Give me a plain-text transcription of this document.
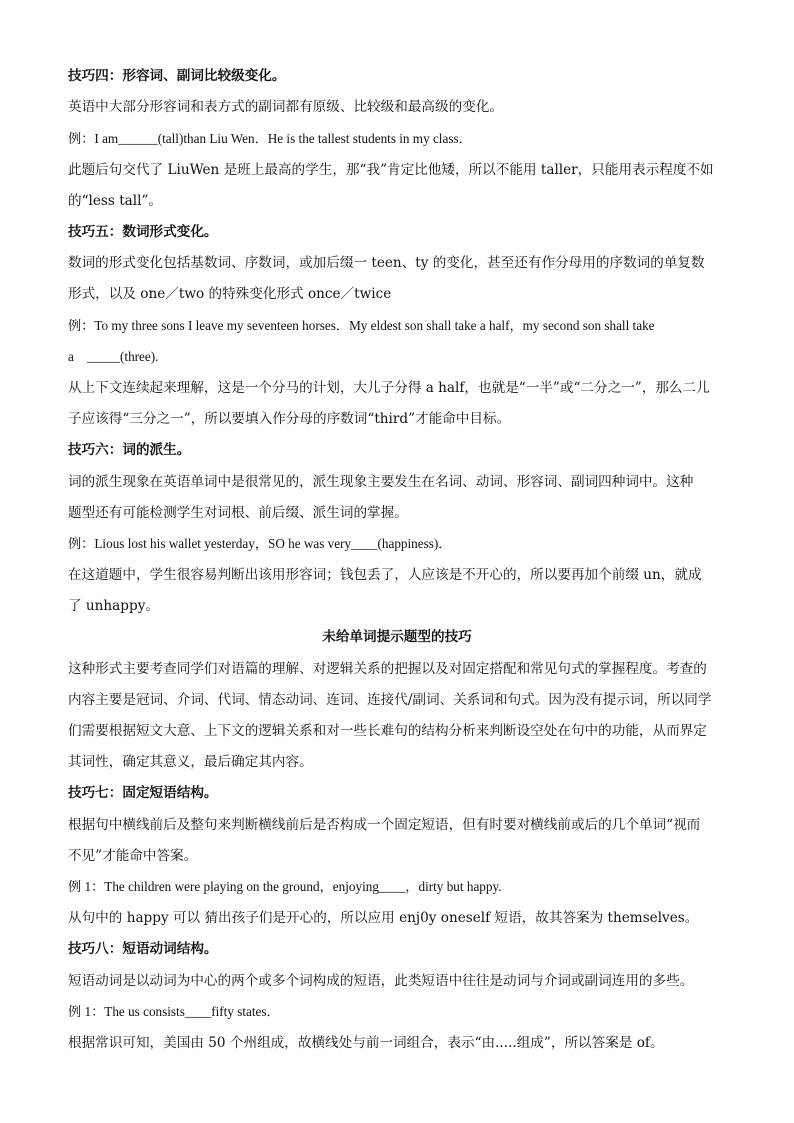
技巧四：形容词、副词比较级变化。
英语中大部分形容词和表方式的副词都有原级、比较级和最高级的变化。
例：I am______(tall)than Liu Wen．He is the tallest students in my class．
此题后句交代了 LiuWen 是班上最高的学生，那“我”肯定比他矮，所以不能用 taller，只能用表示程度不如
的“less tall”。
技巧五：数词形式变化。
数词的形式变化包括基数词、序数词，或加后缀一 teen、ty 的变化，甚至还有作分母用的序数词的单复数
形式，以及 one／two 的特殊变化形式 once／twice
例：To my three sons I leave my seventeen horses．My eldest son shall take a half，my second son shall take
a　_____(three).
从上下文连续起来理解，这是一个分马的计划，大儿子分得 a half，也就是“一半”或“二分之一”，那么二儿
子应该得“三分之一”，所以要填入作分母的序数词“third”才能命中目标。
技巧六：词的派生。
词的派生现象在英语单词中是很常见的，派生现象主要发生在名词、动词、形容词、副词四种词中。这种
题型还有可能检测学生对词根、前后缀、派生词的掌握。
例：Lious lost his wallet yesterday，SO he was very____(happiness)．
在这道题中，学生很容易判断出该用形容词；钱包丢了，人应该是不开心的，所以要再加个前缀 un，就成
了 unhappy。
未给单词提示题型的技巧
这种形式主要考查同学们对语篇的理解、对逻辑关系的把握以及对固定搭配和常见句式的掌握程度。考查的
内容主要是冠词、介词、代词、情态动词、连词、连接代/副词、关系词和句式。因为没有提示词，所以同学
们需要根据短文大意、上下文的逻辑关系和对一些长难句的结构分析来判断设空处在句中的功能，从而界定
其词性，确定其意义，最后确定其内容。
技巧七：固定短语结构。
根据句中横线前后及整句来判断横线前后是否构成一个固定短语，但有时要对横线前或后的几个单词“视而
不见”才能命中答案。
例 1：The children were playing on the ground，enjoying____，dirty but happy.
从句中的 happy 可以 猜出孩子们是开心的，所以应用 enj0y oneself 短语，故其答案为 themselves。
技巧八：短语动词结构。
短语动词是以动词为中心的两个或多个词构成的短语，此类短语中往往是动词与介词或副词连用的多些。
例 1：The us consists____fifty states．
根据常识可知，美国由 50 个州组成，故横线处与前一词组合，表示“由.....组成”，所以答案是 of。
